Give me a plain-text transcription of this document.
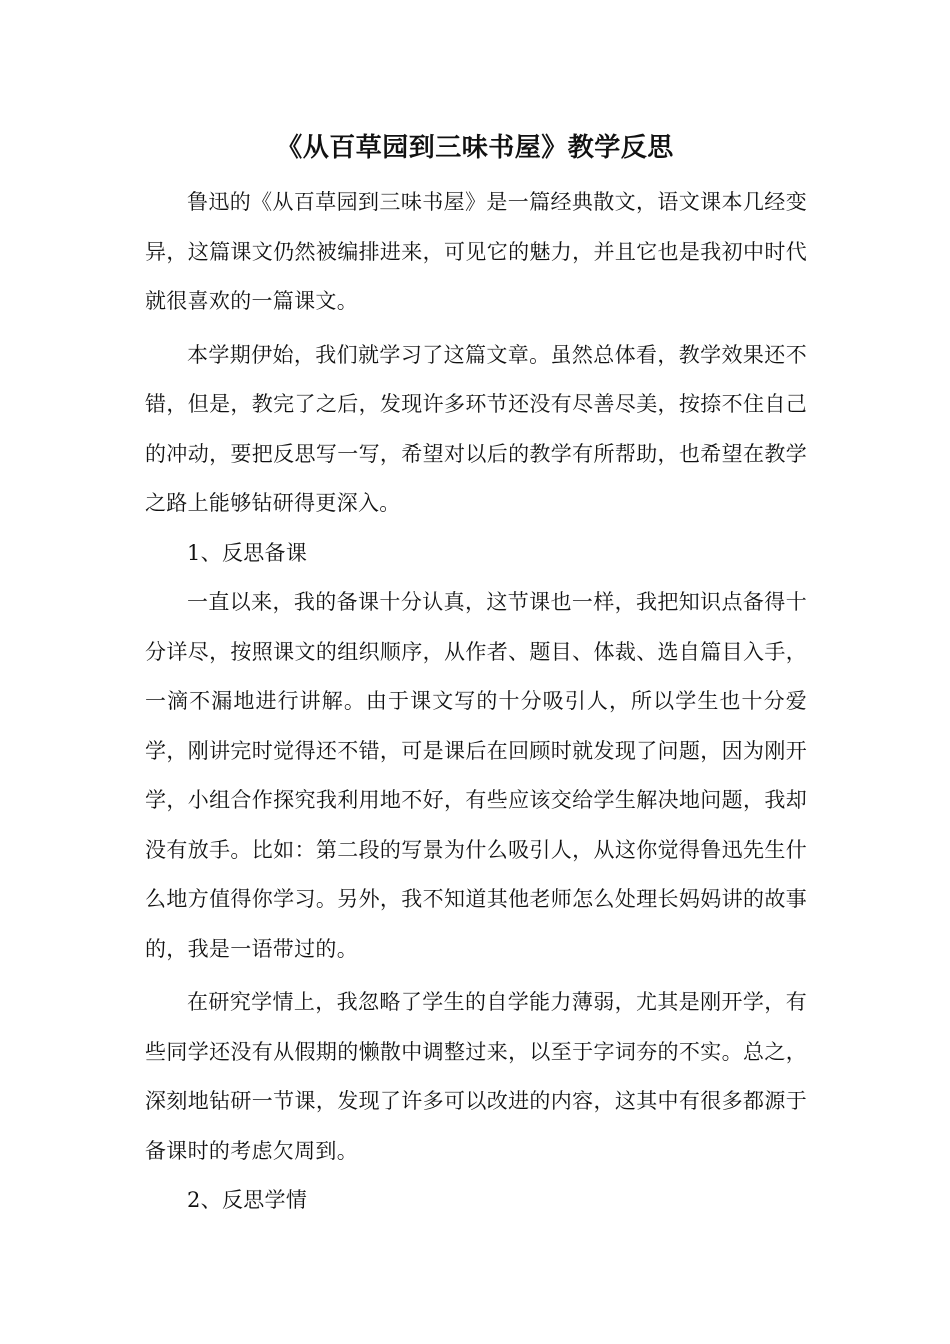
《从百草园到三味书屋》教学反思

鲁迅的《从百草园到三味书屋》是一篇经典散文，语文课本几经变异，这篇课文仍然被编排进来，可见它的魅力，并且它也是我初中时代就很喜欢的一篇课文。

本学期伊始，我们就学习了这篇文章。虽然总体看，教学效果还不错，但是，教完了之后，发现许多环节还没有尽善尽美，按捺不住自己的冲动，要把反思写一写，希望对以后的教学有所帮助，也希望在教学之路上能够钻研得更深入。

1、反思备课

一直以来，我的备课十分认真，这节课也一样，我把知识点备得十分详尽，按照课文的组织顺序，从作者、题目、体裁、选自篇目入手，一滴不漏地进行讲解。由于课文写的十分吸引人，所以学生也十分爱学，刚讲完时觉得还不错，可是课后在回顾时就发现了问题，因为刚开学，小组合作探究我利用地不好，有些应该交给学生解决地问题，我却没有放手。比如：第二段的写景为什么吸引人，从这你觉得鲁迅先生什么地方值得你学习。另外，我不知道其他老师怎么处理长妈妈讲的故事的，我是一语带过的。

在研究学情上，我忽略了学生的自学能力薄弱，尤其是刚开学，有些同学还没有从假期的懒散中调整过来，以至于字词夯的不实。总之，深刻地钻研一节课，发现了许多可以改进的内容，这其中有很多都源于备课时的考虑欠周到。

2、反思学情
